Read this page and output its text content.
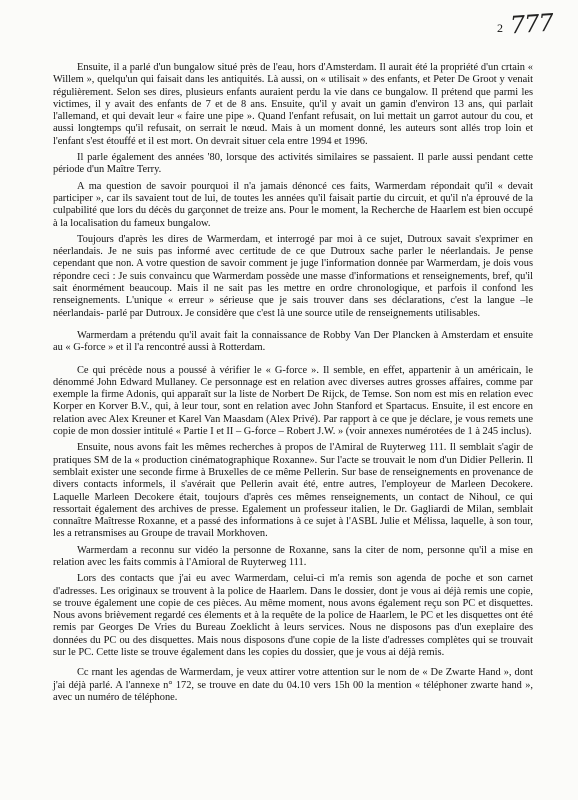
2 777

Ensuite, il a parlé d'un bungalow situé près de l'eau, hors d'Amsterdam. Il aurait été la propriété d'un crtain « Willem », quelqu'un qui faisait dans les antiquités. Là aussi, on « utilisait » des enfants, et Peter De Groot y venait régulièrement. Selon ses dires, plusieurs enfants auraient perdu la vie dans ce bungalow. Il prétend que parmi les victimes, il y avait des enfants de 7 et de 8 ans. Ensuite, qu'il y avait un gamin d'environ 13 ans, qui parlait l'allemand, et qui devait leur « faire une pipe ». Quand l'enfant refusait, on lui mettait un garrot autour du cou, et aussi longtemps qu'il refusait, on serrait le nœud. Mais à un moment donné, les auteurs sont allés trop loin et l'enfant s'est étouffé et il est mort. On devrait situer cela entre 1994 et 1996.

Il parle également des années '80, lorsque des activités similaires se passaient. Il parle aussi pendant cette période d'un Maître Terry.

A ma question de savoir pourquoi il n'a jamais dénoncé ces faits, Warmerdam répondait qu'il « devait participer », car ils savaient tout de lui, de toutes les années qu'il faisait partie du circuit, et qu'il n'a éprouvé de la culpabilité que lors du décès du garçonnet de treize ans. Pour le moment, la Recherche de Haarlem est bien occupé à la localisation du fameux bungalow.

Toujours d'après les dires de Warmerdam, et interrogé par moi à ce sujet, Dutroux savait s'exprimer en néerlandais. Je ne suis pas informé avec certitude de ce que Dutroux sache parler le néerlandais. Je pense cependant que non. A votre question de savoir comment je juge l'information donnée par Warmerdam, je dois vous répondre ceci : Je suis convaincu que Warmerdam possède une masse d'informations et renseignements, bref, qu'il sait énormément beaucoup. Mais il ne sait pas les mettre en ordre chronologique, et parfois il confond les renseignements. L'unique « erreur » sérieuse que je sais trouver dans ses déclarations, c'est la langue –le néerlandais- parlé par Dutroux. Je considère que c'est là une source utile de renseignements utilisables.

Warmerdam a prétendu qu'il avait fait la connaissance de Robby Van Der Plancken à Amsterdam et ensuite au « G-force » et il l'a rencontré aussi à Rotterdam.

Ce qui précède nous a poussé à vérifier le « G-force ». Il semble, en effet, appartenir à un américain, le dénommé John Edward Mullaney. Ce personnage est en relation avec diverses autres grosses affaires, comme par exemple la firme Adonis, qui apparaît sur la liste de Norbert De Rijck, de Temse. Son nom est mis en relation evec Korper en Korver B.V., qui, à leur tour, sont en relation avec John Stanford et Spartacus. Ensuite, il est encore en relation avec Alex Kreuner et Karel Van Maasdam (Alex Privé). Par rapport à ce que je déclare, je vous remets une copie de mon dossier intitulé « Partie I et II – G-force – Robert J.W. » (voir annexes numérotées de 1 à 245 inclus).

Ensuite, nous avons fait les mêmes recherches à propos de l'Amiral de Ruyterweg 111. Il semblait s'agir de pratiques SM de la « production cinématographique Roxanne». Sur l'acte se trouvait le nom d'un Didier Pellerin. Il semblait exister une seconde firme à Bruxelles de ce même Pellerin. Sur base de renseignements en provenance de divers contacts informels, il s'avérait que Pellerin avait été, entre autres, l'employeur de Marleen Decokere. Laquelle Marleen Decokere était, toujours d'après ces mêmes renseignements, un contact de Nihoul, ce qui ressortait également des archives de presse. Egalement un professeur italien, le Dr. Gagliardi de Milan, semblait connaître Maîtresse Roxanne, et a passé des informations à ce sujet à l'ASBL Julie et Mélissa, laquelle, à son tour, les a retransmises au Groupe de travail Morkhoven.

Warmerdam a reconnu sur vidéo la personne de Roxanne, sans la citer de nom, personne qu'il a mise en relation avec les faits commis à l'Amioral de Ruyterweg 111.

Lors des contacts que j'ai eu avec Warmerdam, celui-ci m'a remis son agenda de poche et son carnet d'adresses. Les originaux se trouvent à la police de Haarlem. Dans le dossier, dont je vous ai déjà remis une copie, se trouve également une copie de ces pièces. Au même moment, nous avons également reçu son PC et disquettes. Nous avons brièvement regardé ces élements et à la requête de la police de Haarlem, le PC et les disquettes ont été remis par Georges De Vries du Bureau Zoeklicht à leurs services. Nous ne disposons pas d'un exeplaire des données du PC ou des disquettes. Mais nous disposons d'une copie de la liste d'adresses complètes qui se trouvait sur le PC. Cette liste se trouve également dans les copies du dossier, que je vous ai déjà remis.

Cc rnant les agendas de Warmerdam, je veux attirer votre attention sur le nom de « De Zwarte Hand », dont j'ai déjà parlé. A l'annexe n° 172, se trouve en date du 04.10 vers 15h 00 la mention « téléphoner zwarte hand », avec un numéro de téléphone.
